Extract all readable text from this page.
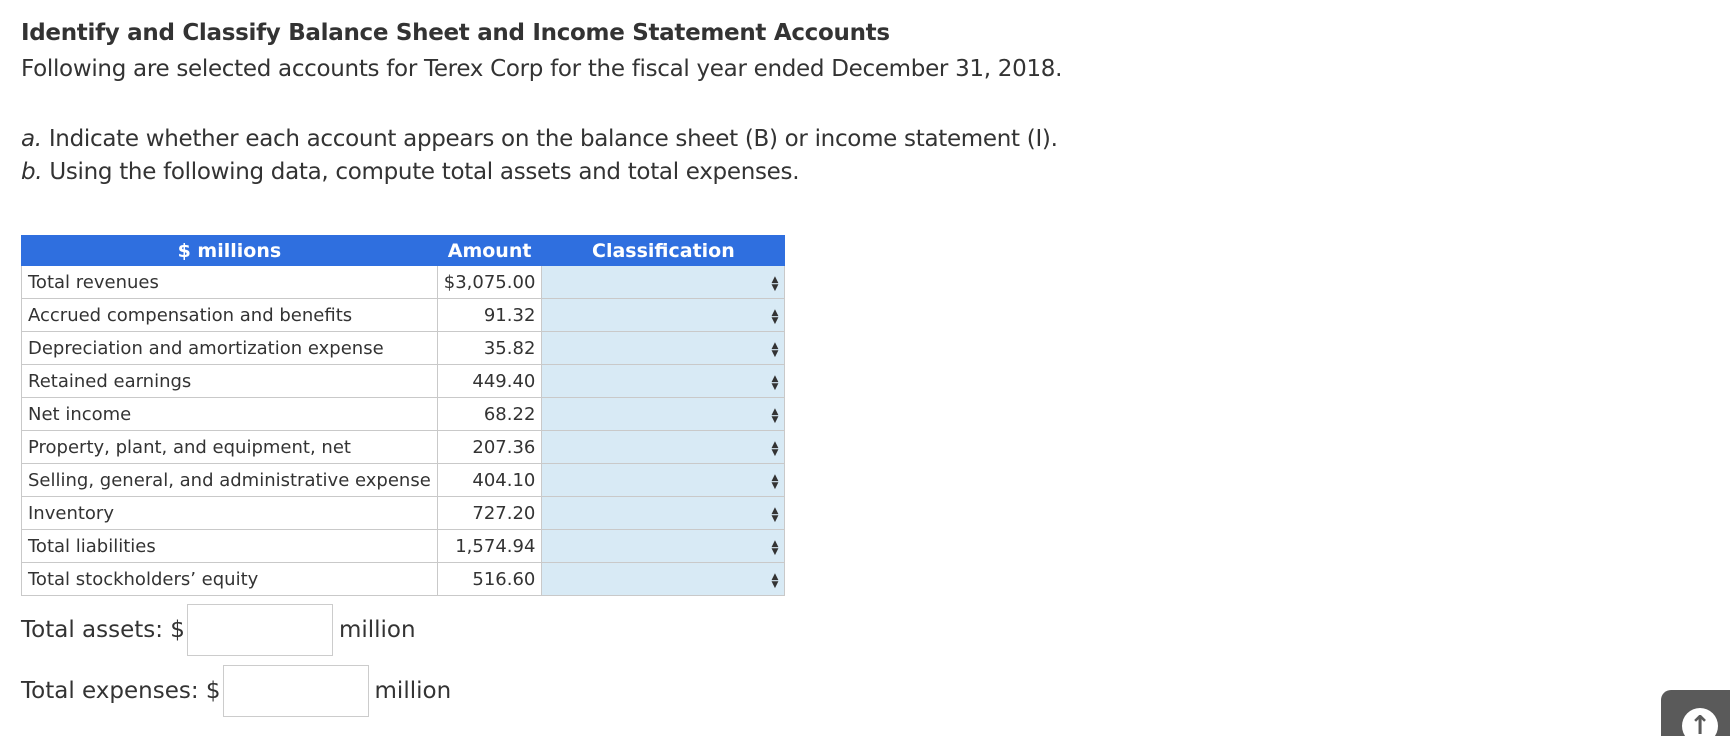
Identify and Classify Balance Sheet and Income Statement Accounts
Following are selected accounts for Terex Corp for the fiscal year ended December 31, 2018.
a. Indicate whether each account appears on the balance sheet (B) or income statement (I).
b. Using the following data, compute total assets and total expenses.
$ millions	Amount	Classification
Total revenues	$3,075.00	▲
▼

Accrued compensation and benefits	91.32	▲
▼

Depreciation and amortization expense	35.82	▲
▼

Retained earnings	449.40	▲
▼

Net income	68.22	▲
▼

Property, plant, and equipment, net	207.36	▲
▼

Selling, general, and administrative expense	404.10	▲
▼

Inventory	727.20	▲
▼

Total liabilities	1,574.94	▲
▼

Total stockholders’ equity	516.60	▲
▼
Total assets: $	million
Total expenses: $	million
↑
